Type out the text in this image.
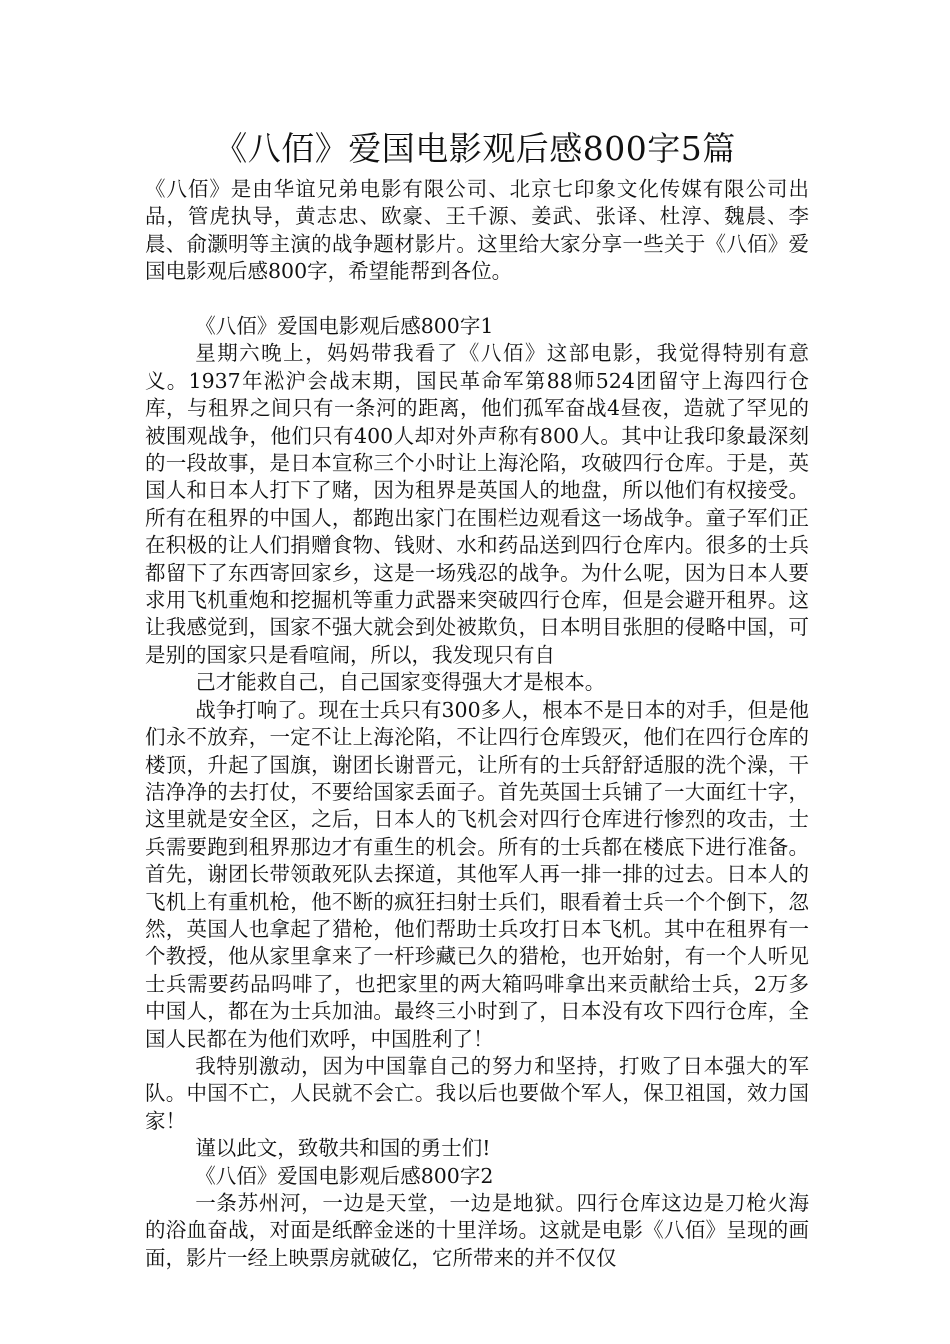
《八佰》爱国电影观后感800字5篇

《八佰》是由华谊兄弟电影有限公司、北京七印象文化传媒有限公司出品，管虎执导，黄志忠、欧豪、王千源、姜武、张译、杜淳、魏晨、李晨、俞灏明等主演的战争题材影片。这里给大家分享一些关于《八佰》爱国电影观后感800字，希望能帮到各位。

《八佰》爱国电影观后感800字1

星期六晚上，妈妈带我看了《八佰》这部电影，我觉得特别有意义。1937年淞沪会战末期，国民革命军第88师524团留守上海四行仓库，与租界之间只有一条河的距离，他们孤军奋战4昼夜，造就了罕见的被围观战争，他们只有400人却对外声称有800人。其中让我印象最深刻的一段故事，是日本宣称三个小时让上海沦陷，攻破四行仓库。于是，英国人和日本人打下了赌，因为租界是英国人的地盘，所以他们有权接受。所有在租界的中国人，都跑出家门在围栏边观看这一场战争。童子军们正在积极的让人们捐赠食物、钱财、水和药品送到四行仓库内。很多的士兵都留下了东西寄回家乡，这是一场残忍的战争。为什么呢，因为日本人要求用飞机重炮和挖掘机等重力武器来突破四行仓库，但是会避开租界。这让我感觉到，国家不强大就会到处被欺负，日本明目张胆的侵略中国，可是别的国家只是看喧闹，所以，我发现只有自

己才能救自己，自己国家变得强大才是根本。

战争打响了。现在士兵只有300多人，根本不是日本的对手，但是他们永不放弃，一定不让上海沦陷，不让四行仓库毁灭，他们在四行仓库的楼顶，升起了国旗，谢团长谢晋元，让所有的士兵舒舒适服的洗个澡，干洁净净的去打仗，不要给国家丢面子。首先英国士兵铺了一大面红十字，这里就是安全区，之后，日本人的飞机会对四行仓库进行惨烈的攻击，士兵需要跑到租界那边才有重生的机会。所有的士兵都在楼底下进行准备。首先，谢团长带领敢死队去探道，其他军人再一排一排的过去。日本人的飞机上有重机枪，他不断的疯狂扫射士兵们，眼看着士兵一个个倒下，忽然，英国人也拿起了猎枪，他们帮助士兵攻打日本飞机。其中在租界有一个教授，他从家里拿来了一杆珍藏已久的猎枪，也开始射，有一个人听见士兵需要药品吗啡了，也把家里的两大箱吗啡拿出来贡献给士兵，2万多中国人，都在为士兵加油。最终三小时到了，日本没有攻下四行仓库，全国人民都在为他们欢呼，中国胜利了！

我特别激动，因为中国靠自己的努力和坚持，打败了日本强大的军队。中国不亡，人民就不会亡。我以后也要做个军人，保卫祖国，效力国家！

谨以此文，致敬共和国的勇士们!

《八佰》爱国电影观后感800字2

一条苏州河，一边是天堂，一边是地狱。四行仓库这边是刀枪火海的浴血奋战，对面是纸醉金迷的十里洋场。这就是电影《八佰》呈现的画面，影片一经上映票房就破亿，它所带来的并不仅仅
